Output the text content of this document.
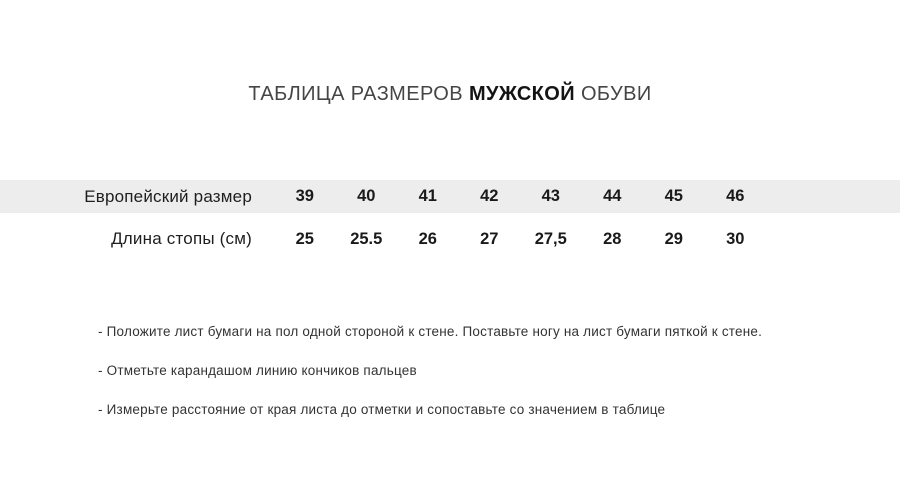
ТАБЛИЦА РАЗМЕРОВ МУЖСКОЙ ОБУВИ
Европейский размер	39	40	41	42	43	44	45	46
Длина стопы (см)	25	25.5	26	27	27,5	28	29	30

- Положите лист бумаги на пол одной стороной к стене. Поставьте ногу на лист бумаги пяткой к стене.

- Отметьте карандашом линию кончиков пальцев

- Измерьте расстояние от края листа до отметки и сопоставьте со значением в таблице
